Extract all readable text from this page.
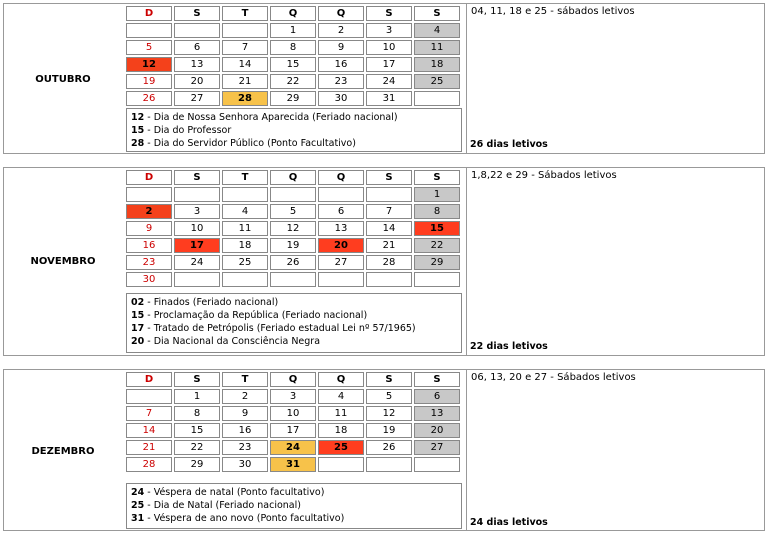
OUTUBRO
D	S	T	Q	Q	S	S
			1	2	3	4
5	6	7	8	9	10	11
12	13	14	15	16	17	18
19	20	21	22	23	24	25
26	27	28	29	30	31	
12 - Dia de Nossa Senhora Aparecida (Feriado nacional)
15 - Dia do Professor
28 - Dia do Servidor Público (Ponto Facultativo)
04, 11, 18 e 25 - sábados letivos
26 dias letivos
NOVEMBRO
D	S	T	Q	Q	S	S
						1
2	3	4	5	6	7	8
9	10	11	12	13	14	15
16	17	18	19	20	21	22
23	24	25	26	27	28	29
30						
02 - Finados (Feriado nacional)
15 - Proclamação da República (Feriado nacional)
17 - Tratado de Petrópolis (Feriado estadual Lei nº 57/1965)
20 - Dia Nacional da Consciência Negra
1,8,22 e 29 - Sábados letivos
22 dias letivos
DEZEMBRO
D	S	T	Q	Q	S	S
	1	2	3	4	5	6
7	8	9	10	11	12	13
14	15	16	17	18	19	20
21	22	23	24	25	26	27
28	29	30	31			
24 - Véspera de natal (Ponto facultativo)
25 - Dia de Natal (Feriado nacional)
31 - Véspera de ano novo (Ponto facultativo)
06, 13, 20 e 27 - Sábados letivos
24 dias letivos
